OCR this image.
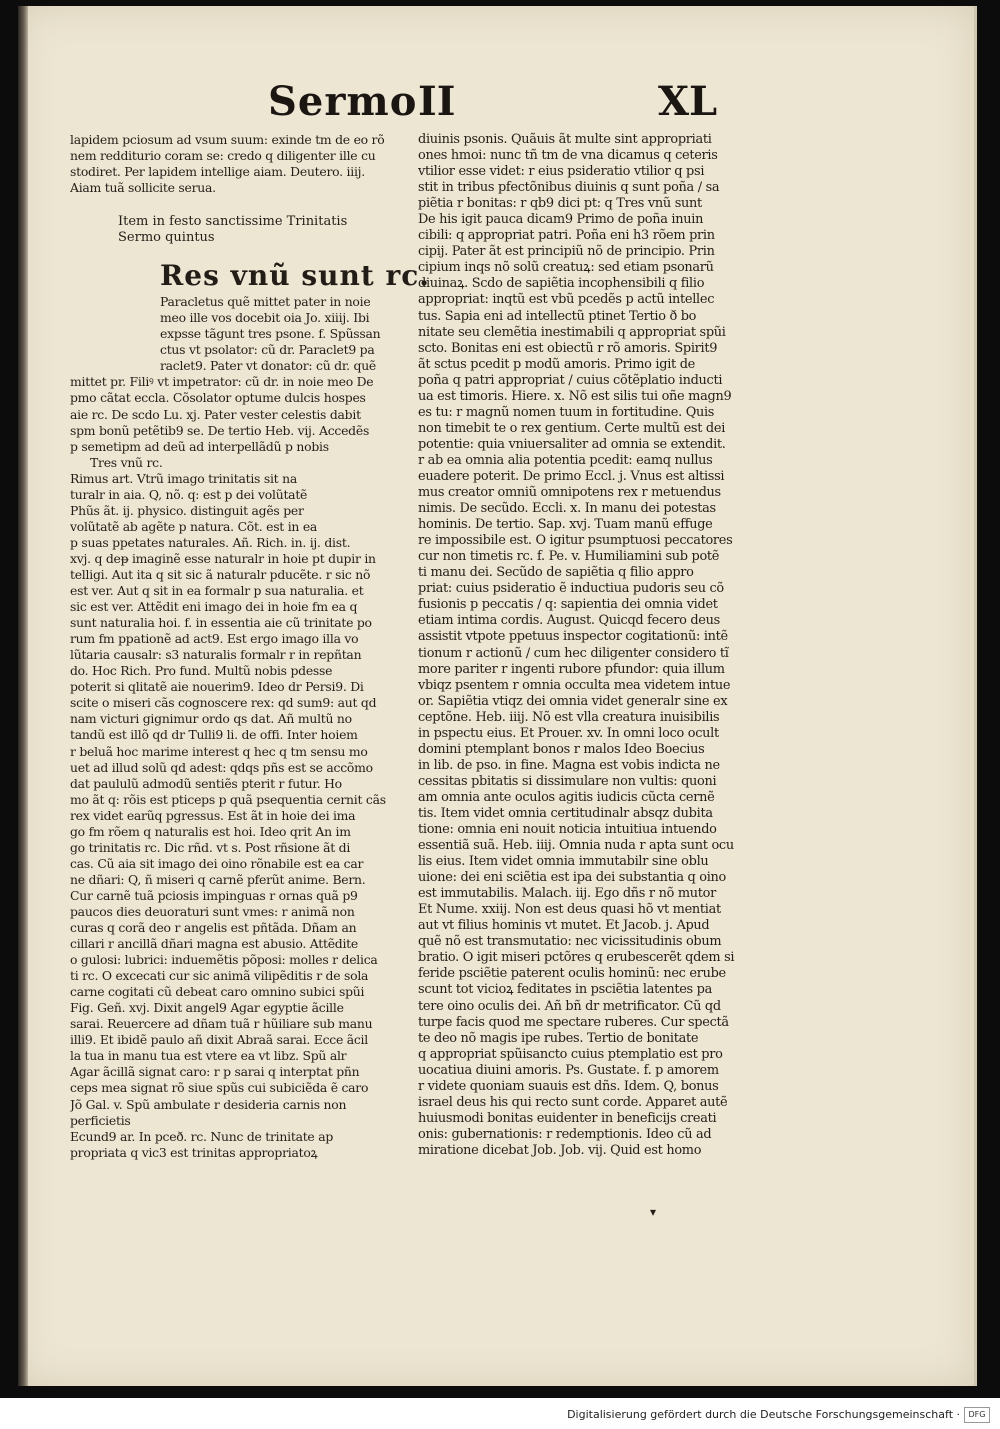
Sermo II	XL
lapidem pciosum ad vsum suum: exinde tm de eo rõ
nem redditurio coram se: credo q diligenter ille cu
stodiret. Per lapidem intellige aiam. Deutero. iiij.
Aiam tuã sollicite serua.
Item in festo sanctissime Trinitatis
Sermo quintus
Res vnũ sunt rc.
Paracletus quẽ mittet pater in noie
meo ille vos docebit oia Jo. xiiij. Ibi
expsse tãgunt tres psone. f. Spũssan
ctus vt psolator: cũ dr. Paraclet9 pa
raclet9. Pater vt donator: cũ dr. quẽ
mittet pr. Filiꝰ vt impetrator: cũ dr. in noie meo De
pmo cãtat eccla. Cõsolator optume dulcis hospes
aie rc. De scdo Lu. xj. Pater vester celestis dabit
spm bonũ petẽtib9 se. De tertio Heb. vij. Accedẽs
p semetipm ad deũ ad interpellãdũ p nobis
Tres vnũ rc.
Rimus art. Vtrũ imago trinitatis sit na
turalr in aia. Q, nõ. q: est p dei volũtatẽ
Phũs ãt. ij. physico. distinguit agẽs per
volũtatẽ ab agẽte p natura. Cõt. est in ea
p suas ppetates naturales. Añ. Rich. in. ij. dist.
xvj. q deᵽ imaginẽ esse naturalr in hoie pt dupir in
telligi. Aut ita q sit sic ã naturalr pducẽte. r sic nõ
est ver. Aut q sit in ea formalr p sua naturalia. et
sic est ver. Attẽdit eni imago dei in hoie fm ea q
sunt naturalia hoi. f. in essentia aie cũ trinitate po
rum fm ppationẽ ad act9. Est ergo imago illa vo
lũtaria causalr: s3 naturalis formalr r in repñtan
do. Hoc Rich. Pro fund. Multũ nobis pdesse
poterit si qlitatẽ aie nouerim9. Ideo dr Persi9. Di
scite o miseri cãs cognoscere rex: qd sum9: aut qd
nam victuri gignimur ordo qs dat. Añ multũ no
tandũ est illõ qd dr Tulli9 li. de offi. Inter hoiem
r beluã hoc marime interest q hec q tm sensu mo
uet ad illud solũ qd adest: qdqs pñs est se accõmo
dat paululũ admodũ sentiẽs pterit r futur. Ho
mo ãt q: rõis est pticeps p quã psequentia cernit cãs
rex videt earũq pgressus. Est ãt in hoie dei ima
go fm rõem q naturalis est hoi. Ideo qrit An im
go trinitatis rc. Dic rñd. vt s. Post rñsione ãt di
cas. Cũ aia sit imago dei oino rõnabile est ea car
ne dñari: Q, ñ miseri q carnẽ pferũt anime. Bern.
Cur carnẽ tuã pciosis impinguas r ornas quã p9
paucos dies deuoraturi sunt vmes: r animã non
curas q corã deo r angelis est pñtãda. Dñam an
cillari r ancillã dñari magna est abusio. Attẽdite
o gulosi: lubrici: induemẽtis põposi: molles r delica
ti rc. O excecati cur sic animã vilipẽditis r de sola
carne cogitati cũ debeat caro omnino subici spũi
Fig. Geñ. xvj. Dixit angel9 Agar egyptie ãcille
sarai. Reuercere ad dñam tuã r hũiliare sub manu
illi9. Et ibidẽ paulo añ dixit Abraã sarai. Ecce ãcil
la tua in manu tua est vtere ea vt libz. Spũ alr
Agar ãcillã signat caro: r p sarai q interptat pñn
ceps mea signat rõ siue spũs cui subiciẽda ẽ caro
Jõ Gal. v. Spũ ambulate r desideria carnis non
perficietis
Ecund9 ar. In pceð. rc. Nunc de trinitate ap
propriata q vic3 est trinitas appropriatoꝝ
diuinis psonis. Quãuis ãt multe sint appropriati
ones hmoi: nunc tñ tm de vna dicamus q ceteris
vtilior esse videt: r eius psideratio vtilior q psi
stit in tribus pfectõnibus diuinis q sunt poña / sa
piẽtia r bonitas: r qb9 dici pt: q Tres vnũ sunt
De his igit pauca dicam9 Primo de poña inuin
cibili: q appropriat patri. Poña eni h3 rõem prin
cipij. Pater ãt est principiũ nõ de principio. Prin
cipium inqs nõ solũ creatuꝝ: sed etiam psonarũ
diuinaꝝ. Scdo de sapiẽtia incophensibili q filio
appropriat: inqtũ est vbũ pcedẽs p actũ intellec
tus. Sapia eni ad intellectũ ptinet Tertio ð bo
nitate seu clemẽtia inestimabili q appropriat spũi
scto. Bonitas eni est obiectũ r rõ amoris. Spirit9
ãt sctus pcedit p modũ amoris. Primo igit de
poña q patri appropriat / cuius cõtẽplatio inducti
ua est timoris. Hiere. x. Nõ est silis tui oñe magn9
es tu: r magnũ nomen tuum in fortitudine. Quis
non timebit te o rex gentium. Certe multũ est dei
potentie: quia vniuersaliter ad omnia se extendit.
r ab ea omnia alia potentia pcedit: eamq nullus
euadere poterit. De primo Eccl. j. Vnus est altissi
mus creator omniũ omnipotens rex r metuendus
nimis. De secũdo. Eccli. x. In manu dei potestas
hominis. De tertio. Sap. xvj. Tuam manũ effuge
re impossibile est. O igitur psumptuosi peccatores
cur non timetis rc. f. Pe. v. Humiliamini sub potẽ
ti manu dei. Secũdo de sapiẽtia q filio appro
priat: cuius psideratio ẽ inductiua pudoris seu cõ
fusionis p peccatis / q: sapientia dei omnia videt
etiam intima cordis. August. Quicqd fecero deus
assistit vtpote ppetuus inspector cogitationũ: intẽ
tionum r actionũ / cum hec diligenter considero tĩ
more pariter r ingenti rubore pfundor: quia illum
vbiqz psentem r omnia occulta mea videtem intue
or. Sapiẽtia vtiqz dei omnia videt generalr sine ex
ceptõne. Heb. iiij. Nõ est vlla creatura inuisibilis
in pspectu eius. Et Prouer. xv. In omni loco ocult
domini ptemplant bonos r malos Ideo Boecius
in lib. de pso. in fine. Magna est vobis indicta ne
cessitas pbitatis si dissimulare non vultis: quoni
am omnia ante oculos agitis iudicis cũcta cernẽ
tis. Item videt omnia certitudinalr absqz dubita
tione: omnia eni nouit noticia intuitiua intuendo
essentiã suã. Heb. iiij. Omnia nuda r apta sunt ocu
lis eius. Item videt omnia immutabilr sine oblu
uione: dei eni sciẽtia est ipa dei substantia q oino
est immutabilis. Malach. iij. Ego dñs r nõ mutor
Et Nume. xxiij. Non est deus quasi hõ vt mentiat
aut vt filius hominis vt mutet. Et Jacob. j. Apud
quẽ nõ est transmutatio: nec vicissitudinis obum
bratio. O igit miseri pctõres q erubescerẽt qdem si
feride psciẽtie paterent oculis hominũ: nec erube
scunt tot vicioꝝ feditates in psciẽtia latentes pa
tere oino oculis dei. Añ bñ dr metrificator. Cũ qd
turpe facis quod me spectare ruberes. Cur spectã
te deo nõ magis ipe rubes. Tertio de bonitate
q appropriat spũisancto cuius ptemplatio est pro
uocatiua diuini amoris. Ps. Gustate. f. p amorem
r videte quoniam suauis est dñs. Idem. Q, bonus
israel deus his qui recto sunt corde. Apparet autẽ
huiusmodi bonitas euidenter in beneficijs creati
onis: gubernationis: r redemptionis. Ideo cũ ad
miratione dicebat Job. Job. vij. Quid est homo
▾
Digitalisierung gefördert durch die Deutsche Forschungsgemeinschaft ·	DFG
